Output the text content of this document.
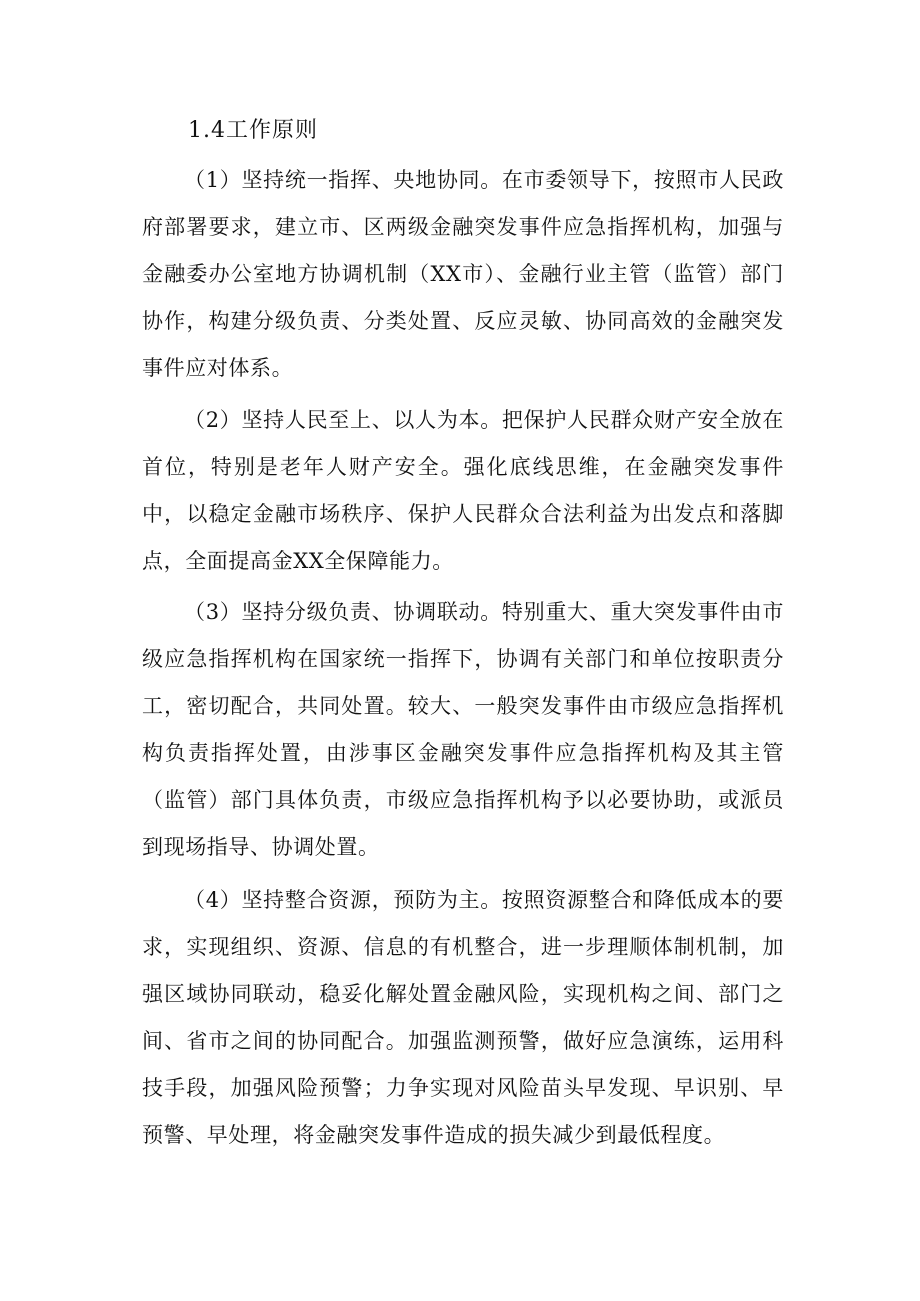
1.4工作原则

（1）坚持统一指挥、央地协同。在市委领导下，按照市人民政府部署要求，建立市、区两级金融突发事件应急指挥机构，加强与金融委办公室地方协调机制（XX市）、金融行业主管（监管）部门协作，构建分级负责、分类处置、反应灵敏、协同高效的金融突发事件应对体系。

（2）坚持人民至上、以人为本。把保护人民群众财产安全放在首位，特别是老年人财产安全。强化底线思维，在金融突发事件中，以稳定金融市场秩序、保护人民群众合法利益为出发点和落脚点，全面提高金XX全保障能力。

（3）坚持分级负责、协调联动。特别重大、重大突发事件由市级应急指挥机构在国家统一指挥下，协调有关部门和单位按职责分工，密切配合，共同处置。较大、一般突发事件由市级应急指挥机构负责指挥处置，由涉事区金融突发事件应急指挥机构及其主管（监管）部门具体负责，市级应急指挥机构予以必要协助，或派员到现场指导、协调处置。

（4）坚持整合资源，预防为主。按照资源整合和降低成本的要求，实现组织、资源、信息的有机整合，进一步理顺体制机制，加强区域协同联动，稳妥化解处置金融风险，实现机构之间、部门之间、省市之间的协同配合。加强监测预警，做好应急演练，运用科技手段，加强风险预警；力争实现对风险苗头早发现、早识别、早预警、早处理，将金融突发事件造成的损失减少到最低程度。
